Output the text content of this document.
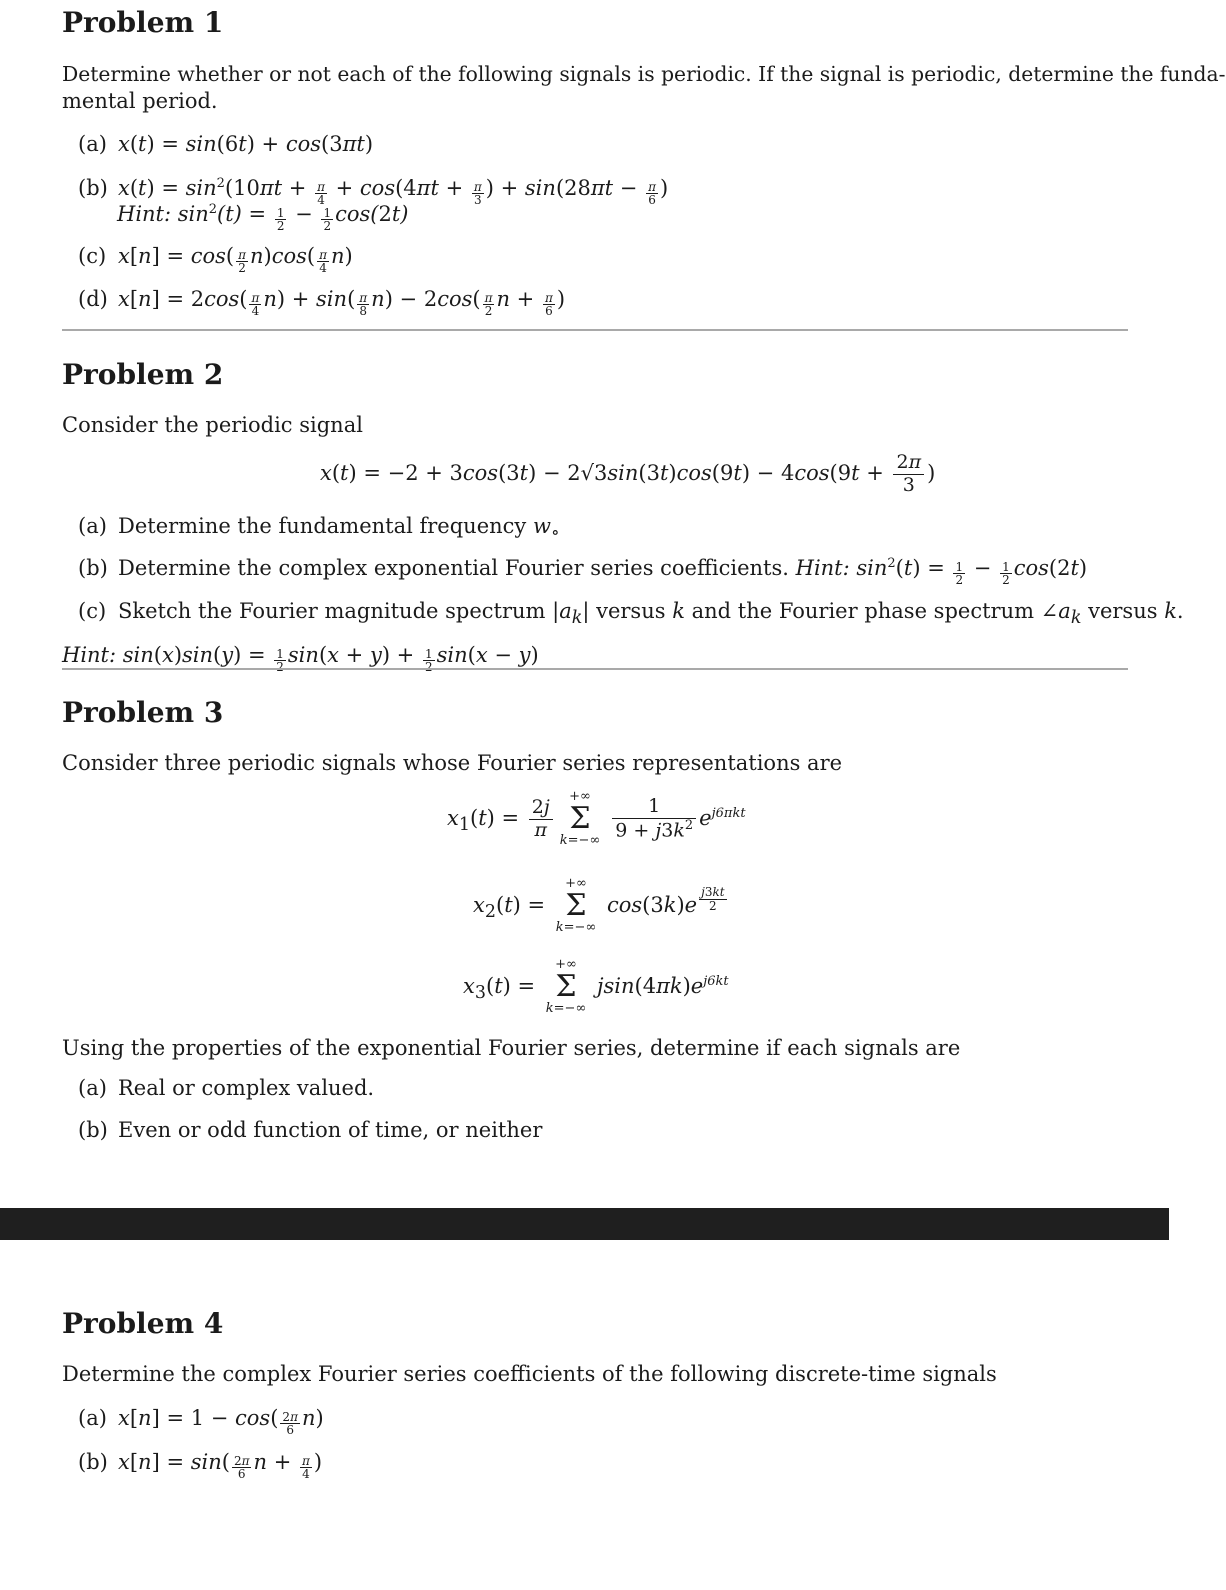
Problem 1
Determine whether or not each of the following signals is periodic. If the signal is periodic, determine the funda-
mental period.
(a) x(t) = sin(6t) + cos(3πt)
(b) $x(t) = \sin^2(10\pi t + \frac{\pi}{4} + \cos(4\pi t + \frac{\pi}{3}$ ) + $\sin(28\pi t - \frac{\pi}{6}$ )
Hint: $\sin^2(t) = \frac{1}{2} - \frac{1}{2} \cos(2t)$
(c) $x[n] = \cos( \frac{\pi}{2} n)\cos( \frac{\pi}{4} n)$
(d) $x[n] = 2\cos( \frac{\pi}{4} n) + \sin( \frac{\pi}{8} n) - 2\cos( \frac{\pi}{2}$ $n + \frac{\pi}{6}$ )
Problem 2
Consider the periodic signal
$x(t) = -2 + 3\cos(3t) - 2√3\sin(3t)\cos(9t) - 4\cos(9t + \frac{2\pi}{3}$ )
(a) Determine the fundamental frequency $w_\circ$
(b) Determine the complex exponential Fourier series coefficients. Hint: $\sin^2(t) = \frac{1}{2} - \frac{1}{2} \cos(2t)$
(c) Sketch the Fourier magnitude spectrum $|a_k|$ versus k and the Fourier phase spectrum $\angle a_k$ versus k.
Hint: sin(x)sin(y) = 1 sin(x + y) + 1 sin(x − y)
Problem 3
Consider three periodic signals whose Fourier series representations are
$x_1(t) = \frac{2j}{\pi}$
+∞
Σ
$k=-\infty \frac{1}{9 + j3k^2} e^{j6\pi kt}$
$x_2(t)$ =
+∞
Σ
k=−∞
cos(3k)e $^{\frac{j3kt}{2}}$
$x_3(t)$ =
+∞
Σ
k=−∞
$jsin(4\pi k)e^{j6kt}$
Using the properties of the exponential Fourier series, determine if each signals are
(a) Real or complex valued.
(b) Even or odd function of time, or neither
Problem 4
Determine the complex Fourier series coefficients of the following discrete-time signals
(a) $x[n] = 1 - \cos( \frac{2\pi}{6} n)$
(b) $x[n] = \sin( \frac{2\pi}{6}$ $n + \frac{\pi}{4}$ )
